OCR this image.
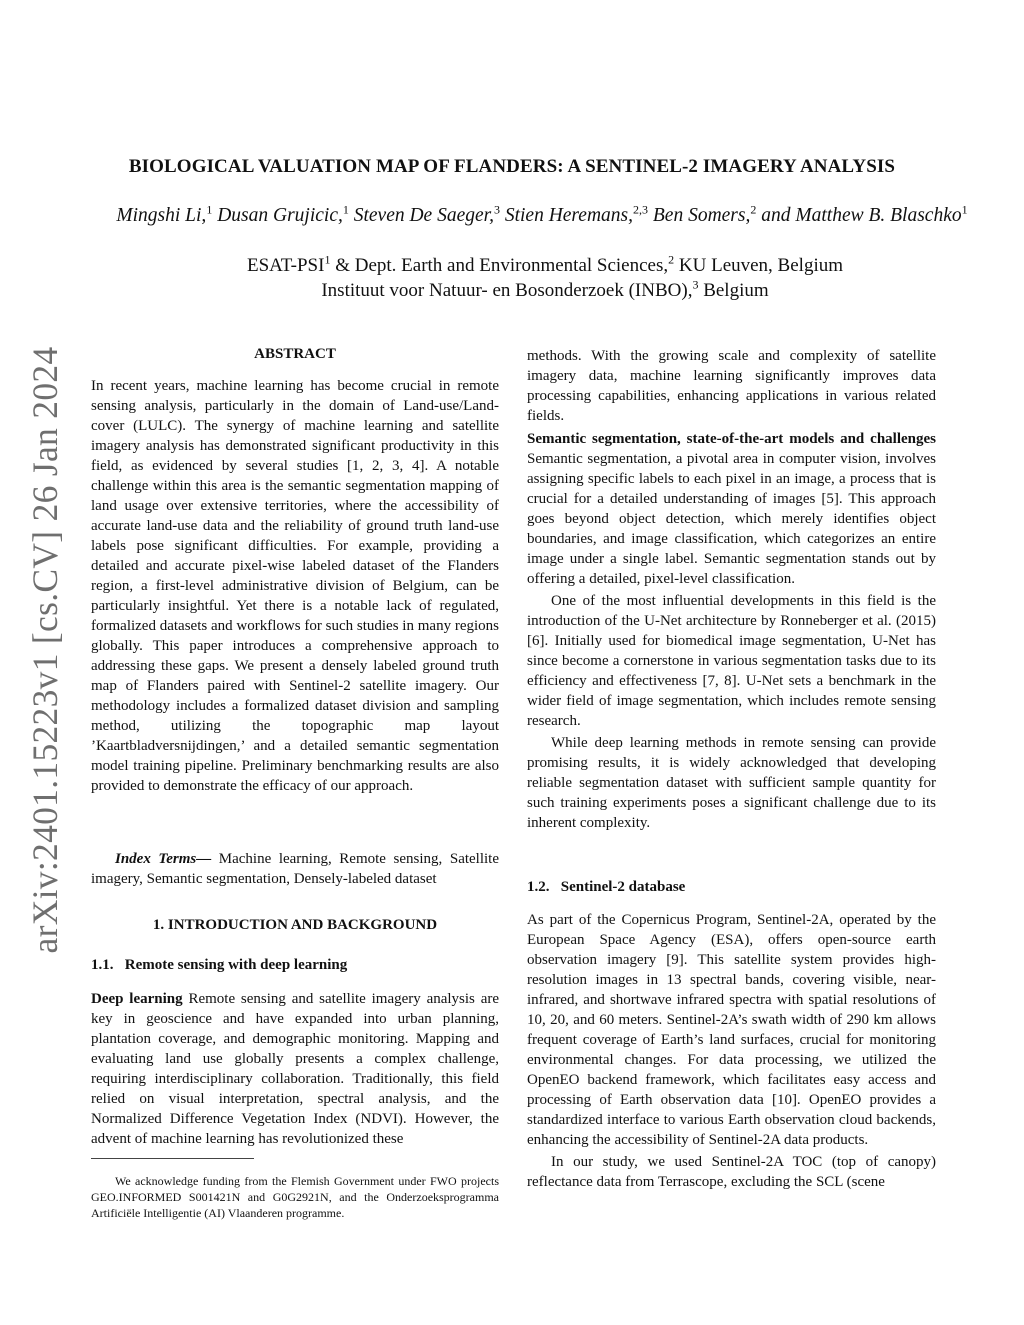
arXiv:2401.15223v1 [cs.CV] 26 Jan 2024
BIOLOGICAL VALUATION MAP OF FLANDERS: A SENTINEL-2 IMAGERY ANALYSIS
Mingshi Li,$^1$ Dusan Grujicic,$^1$ Steven De Saeger,$^3$ Stien Heremans,$^{2,3}$ Ben Somers,$^2$ and Matthew B. Blaschko$^1$
ESAT-PSI$^1$ & Dept. Earth and Environmental Sciences,$^2$ KU Leuven, Belgium
Instituut voor Natuur- en Bosonderzoek (INBO),$^3$ Belgium
ABSTRACT

In recent years, machine learning has become crucial in remote sensing analysis, particularly in the domain of Land-use/Land-cover (LULC). The synergy of machine learning and satellite imagery analysis has demonstrated significant productivity in this field, as evidenced by several studies [1, 2, 3, 4]. A notable challenge within this area is the semantic segmentation mapping of land usage over extensive territories, where the accessibility of accurate land-use data and the reliability of ground truth land-use labels pose significant difficulties. For example, providing a detailed and accurate pixel-wise labeled dataset of the Flanders region, a first-level administrative division of Belgium, can be particularly insightful. Yet there is a notable lack of regulated, formalized datasets and workflows for such studies in many regions globally. This paper introduces a comprehensive approach to addressing these gaps. We present a densely labeled ground truth map of Flanders paired with Sentinel-2 satellite imagery. Our methodology includes a formalized dataset division and sampling method, utilizing the topographic map layout ’Kaartbladversnijdingen,’ and a detailed semantic segmentation model training pipeline. Preliminary benchmarking results are also provided to demonstrate the efficacy of our approach.

Index Terms— Machine learning, Remote sensing, Satellite imagery, Semantic segmentation, Densely-labeled dataset
1. INTRODUCTION AND BACKGROUND
1.1.   Remote sensing with deep learning

Deep learning Remote sensing and satellite imagery analysis are key in geoscience and have expanded into urban planning, plantation coverage, and demographic monitoring. Mapping and evaluating land use globally presents a complex challenge, requiring interdisciplinary collaboration. Traditionally, this field relied on visual interpretation, spectral analysis, and the Normalized Difference Vegetation Index (NDVI). However, the advent of machine learning has revolutionized these

We acknowledge funding from the Flemish Government under FWO projects GEO.INFORMED S001421N and G0G2921N, and the Onderzoeksprogramma Artificiële Intelligentie (AI) Vlaanderen programme.

methods. With the growing scale and complexity of satellite imagery data, machine learning significantly improves data processing capabilities, enhancing applications in various related fields.

Semantic segmentation, state-of-the-art models and challenges Semantic segmentation, a pivotal area in computer vision, involves assigning specific labels to each pixel in an image, a process that is crucial for a detailed understanding of images [5]. This approach goes beyond object detection, which merely identifies object boundaries, and image classification, which categorizes an entire image under a single label. Semantic segmentation stands out by offering a detailed, pixel-level classification.

One of the most influential developments in this field is the introduction of the U-Net architecture by Ronneberger et al. (2015) [6]. Initially used for biomedical image segmentation, U-Net has since become a cornerstone in various segmentation tasks due to its efficiency and effectiveness [7, 8]. U-Net sets a benchmark in the wider field of image segmentation, which includes remote sensing research.

While deep learning methods in remote sensing can provide promising results, it is widely acknowledged that developing reliable segmentation dataset with sufficient sample quantity for such training experiments poses a significant challenge due to its inherent complexity.

1.2.   Sentinel-2 database

As part of the Copernicus Program, Sentinel-2A, operated by the European Space Agency (ESA), offers open-source earth observation imagery [9]. This satellite system provides high-resolution images in 13 spectral bands, covering visible, near-infrared, and shortwave infrared spectra with spatial resolutions of 10, 20, and 60 meters. Sentinel-2A’s swath width of 290 km allows frequent coverage of Earth’s land surfaces, crucial for monitoring environmental changes. For data processing, we utilized the OpenEO backend framework, which facilitates easy access and processing of Earth observation data [10]. OpenEO provides a standardized interface to various Earth observation cloud backends, enhancing the accessibility of Sentinel-2A data products.

In our study, we used Sentinel-2A TOC (top of canopy) reflectance data from Terrascope, excluding the SCL (scene
